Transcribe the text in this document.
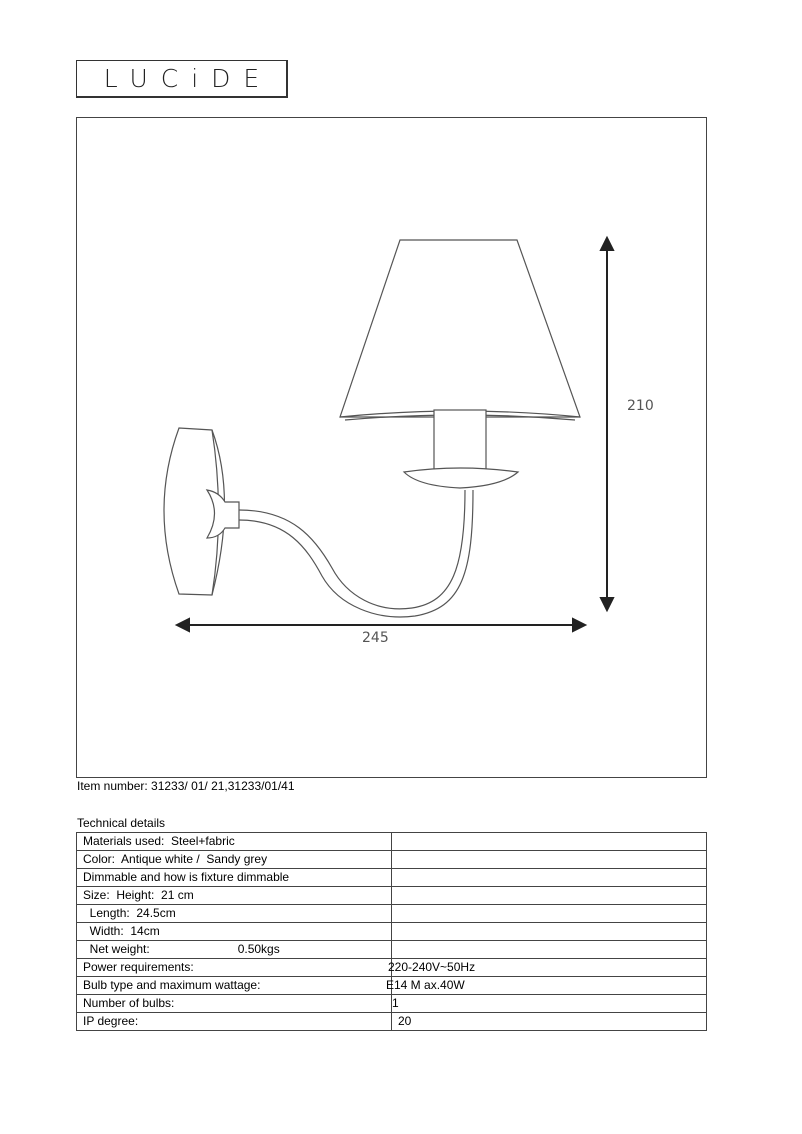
LUCiDE
210
245
Item number: 31233/ 01/ 21,31233/01/41
Technical details
Materials used:  Steel+fabric	
Color:  Antique white /  Sandy grey	
Dimmable and how is fixture dimmable	
Size:  Height:  21 cm	
Length:  24.5cm	
Width:  14cm	

Net weight: 0.50kgs	

Power requirements:	220-240V~50Hz
Bulb type and maximum wattage:	E14 M ax.40W
Number of bulbs:	1
IP degree:	20
